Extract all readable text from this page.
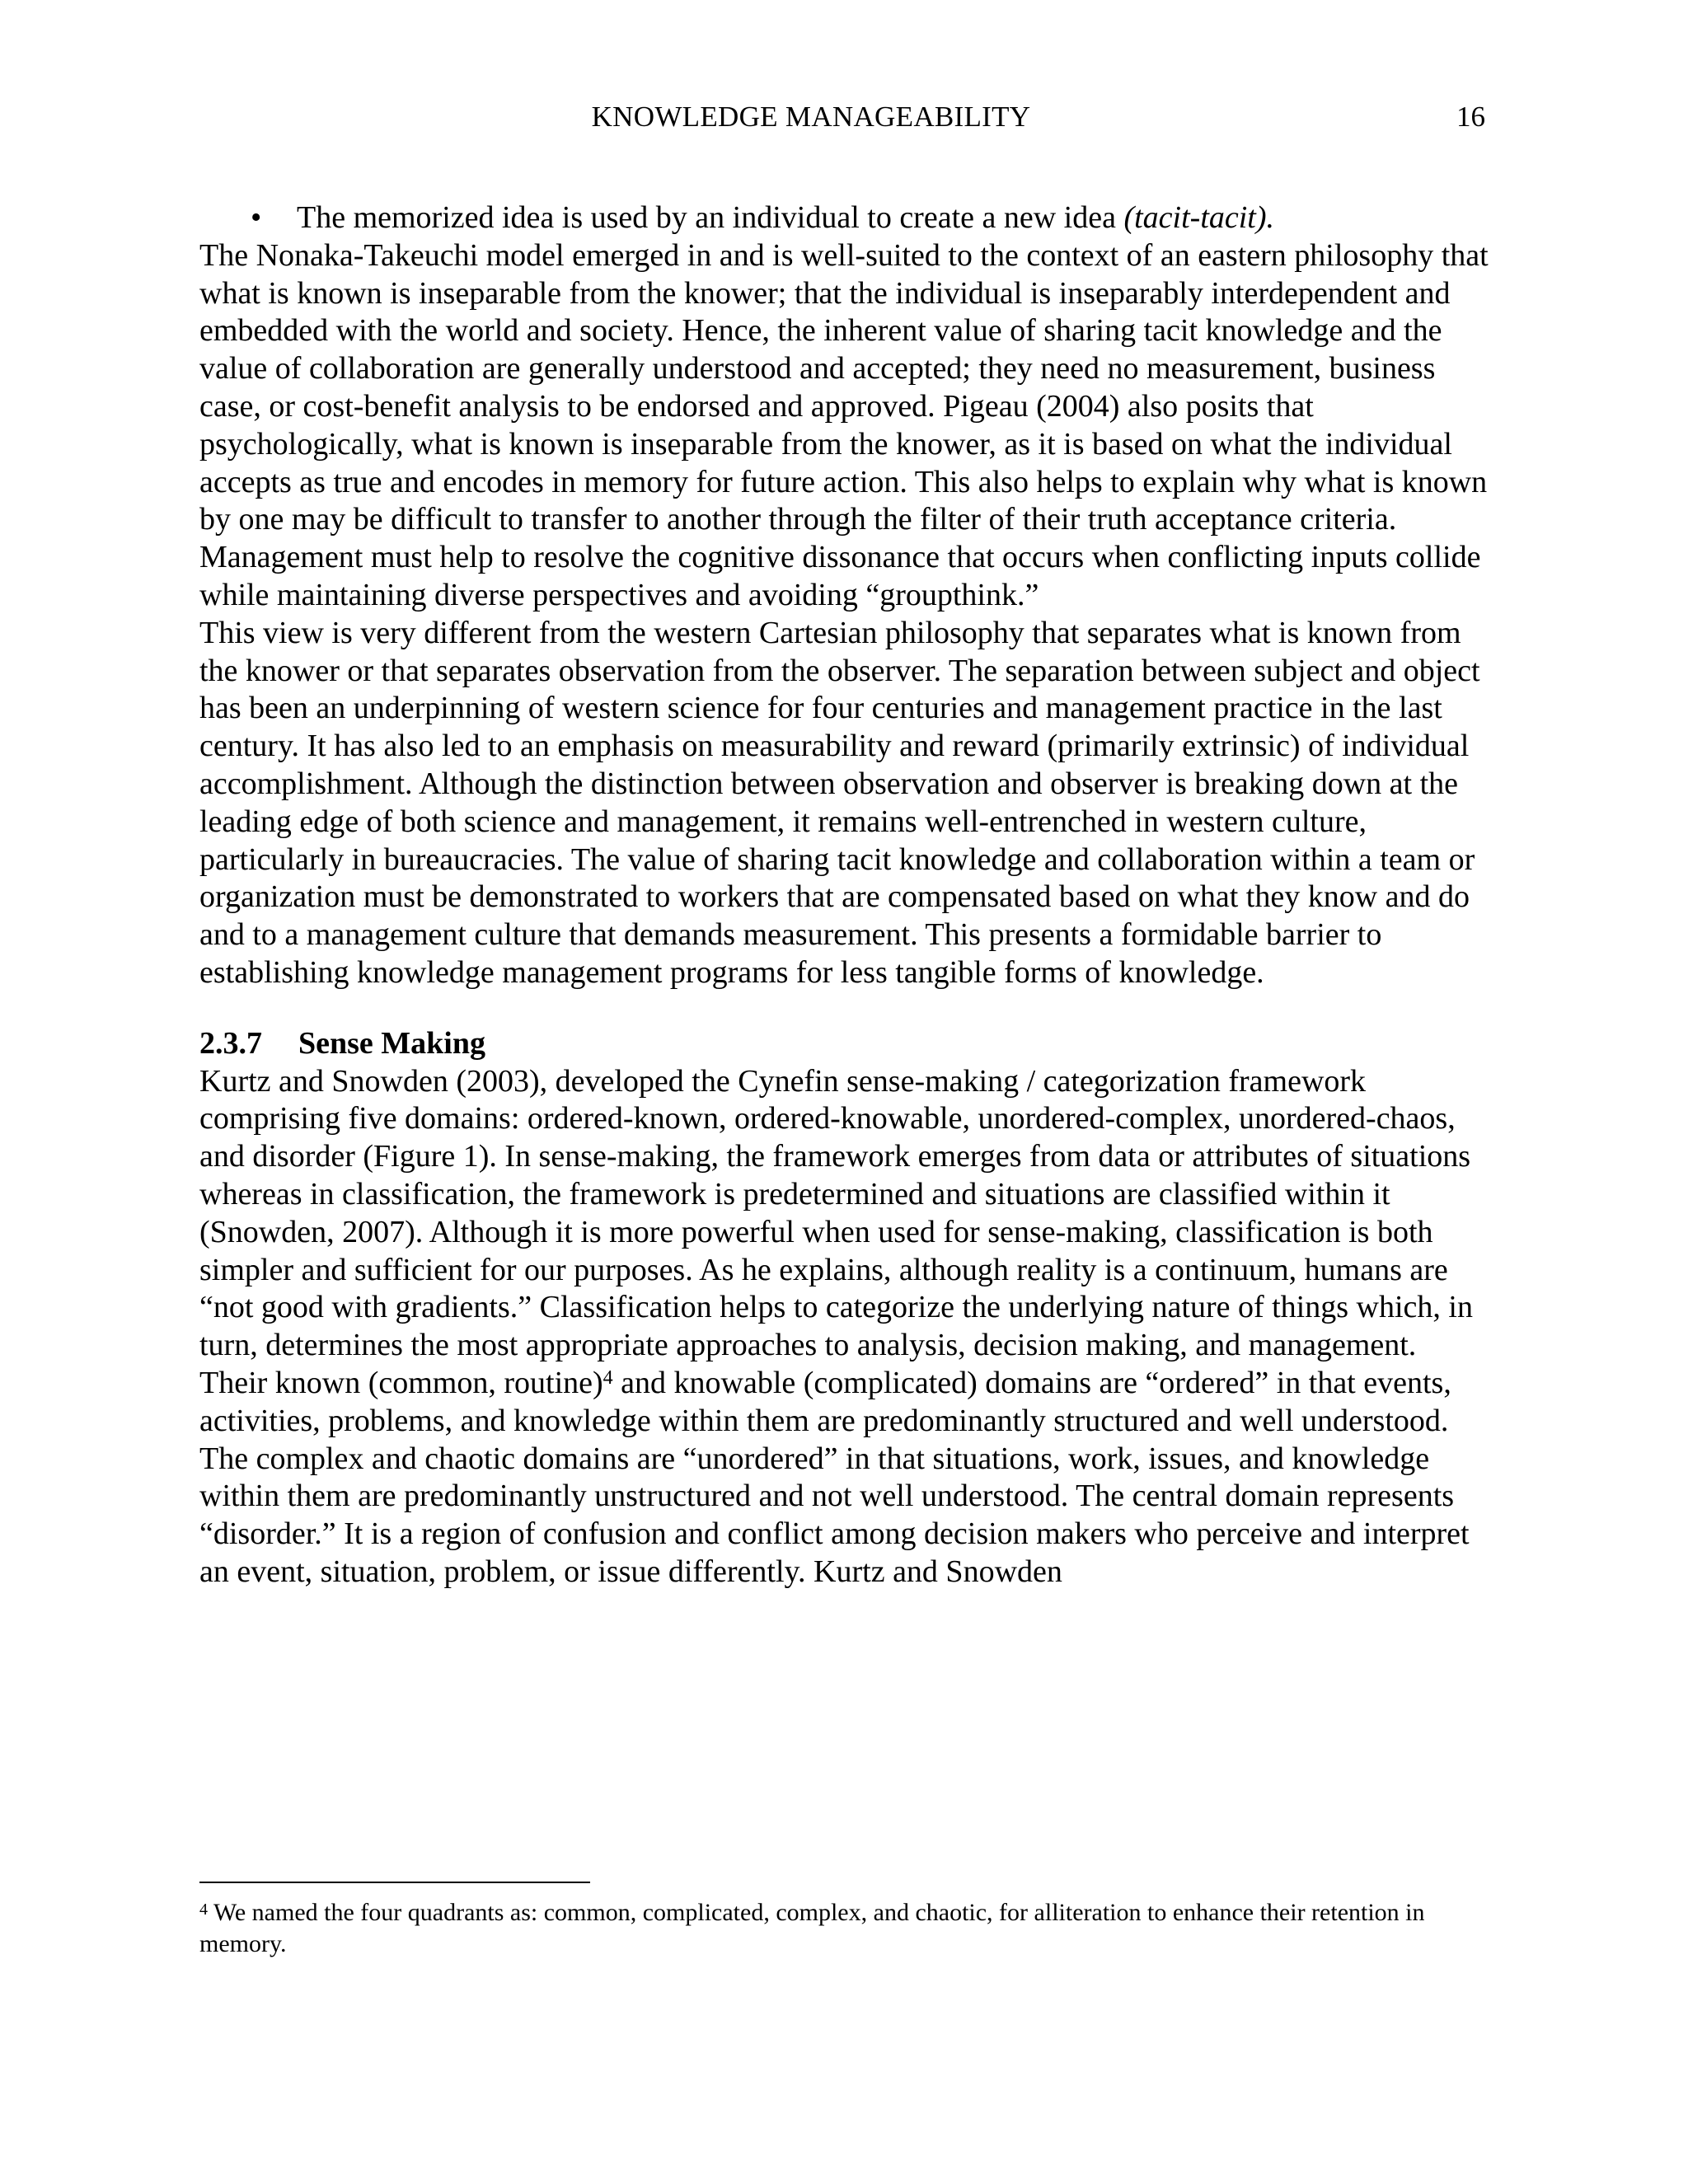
KNOWLEDGE MANAGEABILITY	16
• The memorized idea is used by an individual to create a new idea (tacit-tacit).

The Nonaka-Takeuchi model emerged in and is well-suited to the context of an eastern philosophy that what is known is inseparable from the knower; that the individual is inseparably interdependent and embedded with the world and society. Hence, the inherent value of sharing tacit knowledge and the value of collaboration are generally understood and accepted; they need no measurement, business case, or cost-benefit analysis to be endorsed and approved. Pigeau (2004) also posits that psychologically, what is known is inseparable from the knower, as it is based on what the individual accepts as true and encodes in memory for future action. This also helps to explain why what is known by one may be difficult to transfer to another through the filter of their truth acceptance criteria. Management must help to resolve the cognitive dissonance that occurs when conflicting inputs collide while maintaining diverse perspectives and avoiding “groupthink.”

This view is very different from the western Cartesian philosophy that separates what is known from the knower or that separates observation from the observer. The separation between subject and object has been an underpinning of western science for four centuries and management practice in the last century. It has also led to an emphasis on measurability and reward (primarily extrinsic) of individual accomplishment. Although the distinction between observation and observer is breaking down at the leading edge of both science and management, it remains well-entrenched in western culture, particularly in bureaucracies. The value of sharing tacit knowledge and collaboration within a team or organization must be demonstrated to workers that are compensated based on what they know and do and to a management culture that demands measurement. This presents a formidable barrier to establishing knowledge management programs for less tangible forms of knowledge.

2.3.7 Sense Making

Kurtz and Snowden (2003), developed the Cynefin sense-making / categorization framework comprising five domains: ordered-known, ordered-knowable, unordered-complex, unordered-chaos, and disorder (Figure 1). In sense-making, the framework emerges from data or attributes of situations whereas in classification, the framework is predetermined and situations are classified within it (Snowden, 2007). Although it is more powerful when used for sense-making, classification is both simpler and sufficient for our purposes. As he explains, although reality is a continuum, humans are “not good with gradients.” Classification helps to categorize the underlying nature of things which, in turn, determines the most appropriate approaches to analysis, decision making, and management.

Their known (common, routine)$^4$ and knowable (complicated) domains are “ordered” in that events, activities, problems, and knowledge within them are predominantly structured and well understood. The complex and chaotic domains are “unordered” in that situations, work, issues, and knowledge within them are predominantly unstructured and not well understood. The central domain represents “disorder.” It is a region of confusion and conflict among decision makers who perceive and interpret an event, situation, problem, or issue differently. Kurtz and Snowden

$^4$ We named the four quadrants as: common, complicated, complex, and chaotic, for alliteration to enhance their retention in memory.
